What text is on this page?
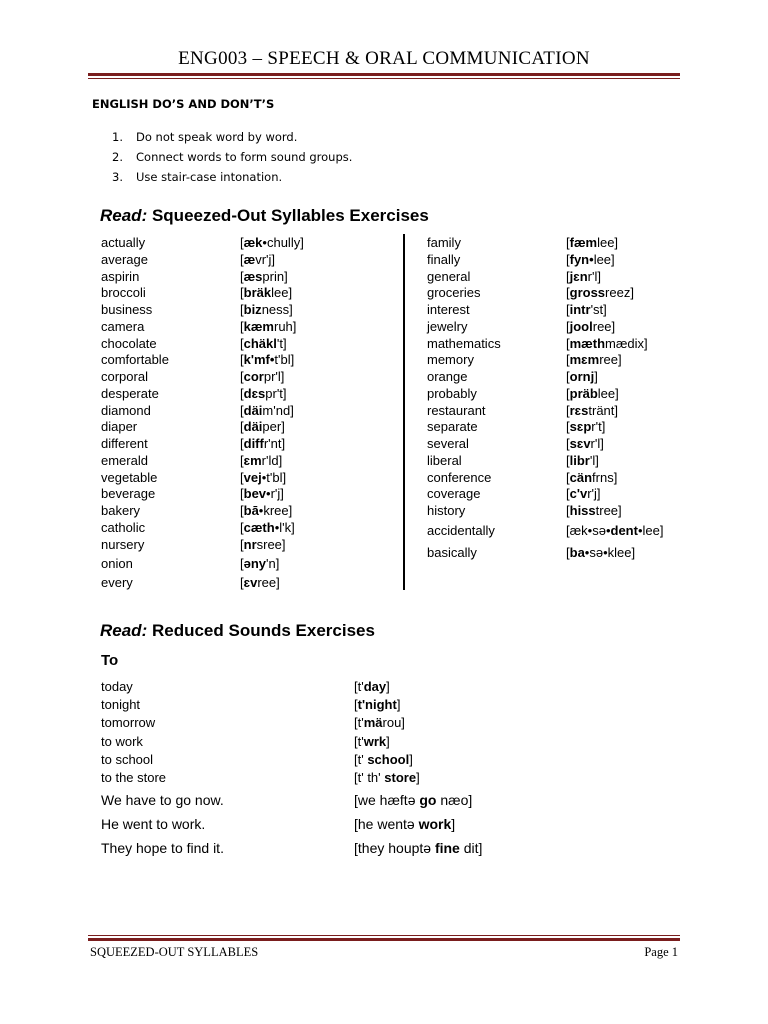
ENG003 – SPEECH & ORAL COMMUNICATION
ENGLISH DO’S AND DON’T’S
1.	Do not speak word by word.
2.	Connect words to form sound groups.
3.	Use stair-case intonation.
Read: Squeezed-Out Syllables Exercises
actually	[æk•chully]
average	[ævr'j]
aspirin	[æsprin]
broccoli	[bräklee]
business	[bizness]
camera	[kæmruh]
chocolate	[chäkl't]
comfortable	[k'mf•t'bl]
corporal	[corpr'l]
desperate	[dɛspr't]
diamond	[däim'nd]
diaper	[däiper]
different	[diffr'nt]
emerald	[ɛmr'ld]
vegetable	[vej•t'bl]
beverage	[bev•r'j]
bakery	[bā•kree]
catholic	[cæth•l'k]
nursery	[nrsree]
onion	[əny'n]
every	[ɛvree]
family	[fæmlee]
finally	[fyn•lee]
general	[jɛnr'l]
groceries	[grossreez]
interest	[intr'st]
jewelry	[joolree]
mathematics	[mæthmædix]
memory	[mɛmree]
orange	[ornj]
probably	[präblee]
restaurant	[rɛstränt]
separate	[sɛpr't]
several	[sɛvr'l]
liberal	[libr'l]
conference	[cänfrns]
coverage	[c'vr'j]
history	[hisstree]
accidentally	[æk•sə•dent•lee]
basically	[ba•sə•klee]
Read: Reduced Sounds Exercises
To
today	[t'day]
tonight	[t'night]
tomorrow	[t'märou]
to work	[t'wrk]
to school	[t' school]
to the store	[t' th' store]
We have to go now.	[we hæftə go næo]
He went to work.	[he wentə work]
They hope to find it.	[they houptə fine dit]
SQUEEZED-OUT SYLLABLES	Page 1
